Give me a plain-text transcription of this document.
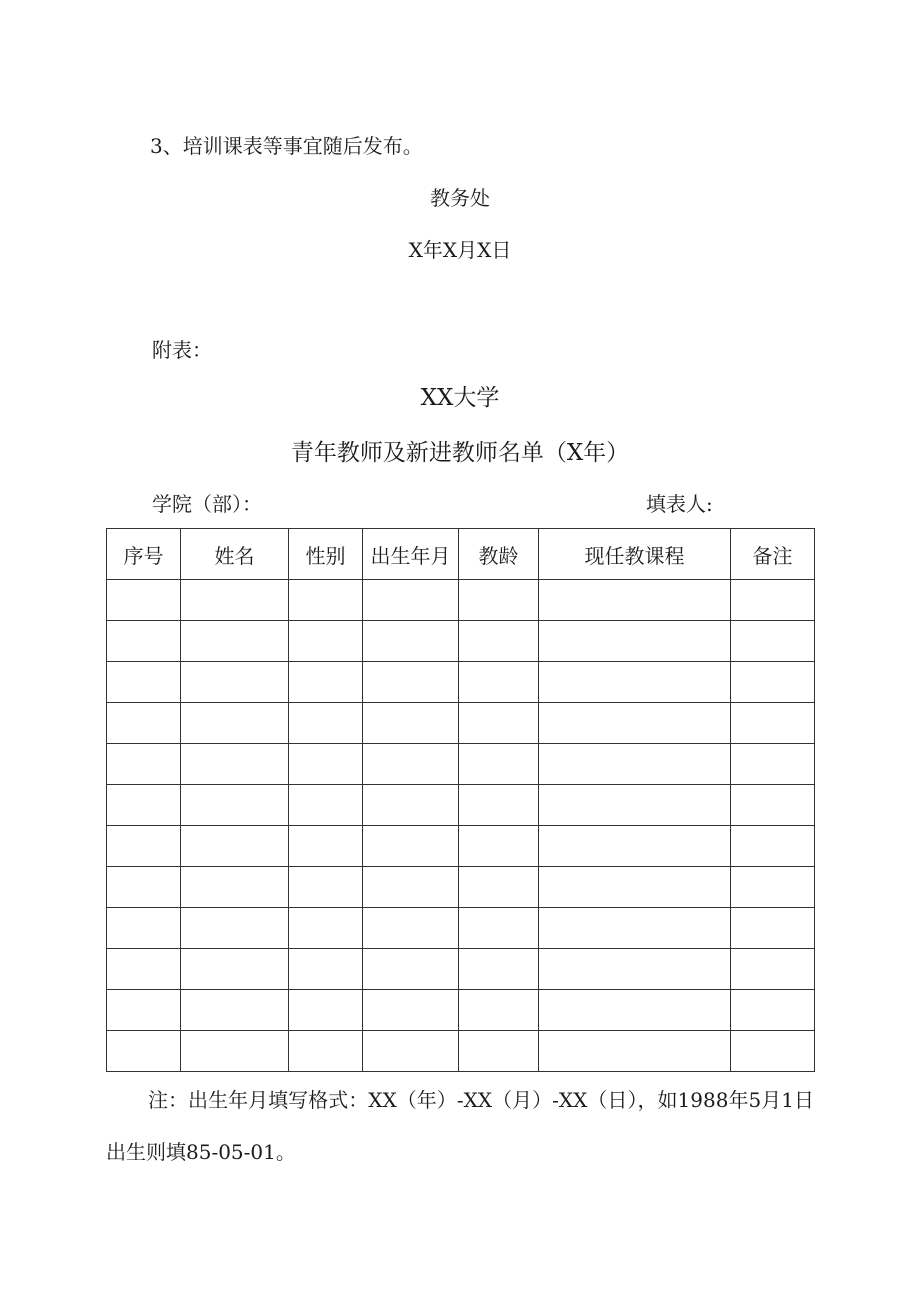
3、培训课表等事宜随后发布。
教务处
X年X月X日
附表：
XX大学
青年教师及新进教师名单（X年）
学院（部）：	填表人:
序号	姓名	性别	出生年月	教龄	现任教课程	备注

注：出生年月填写格式：XX（年）-XX（月）-XX（日），如1988年5月1日出生则填85-05-01。
